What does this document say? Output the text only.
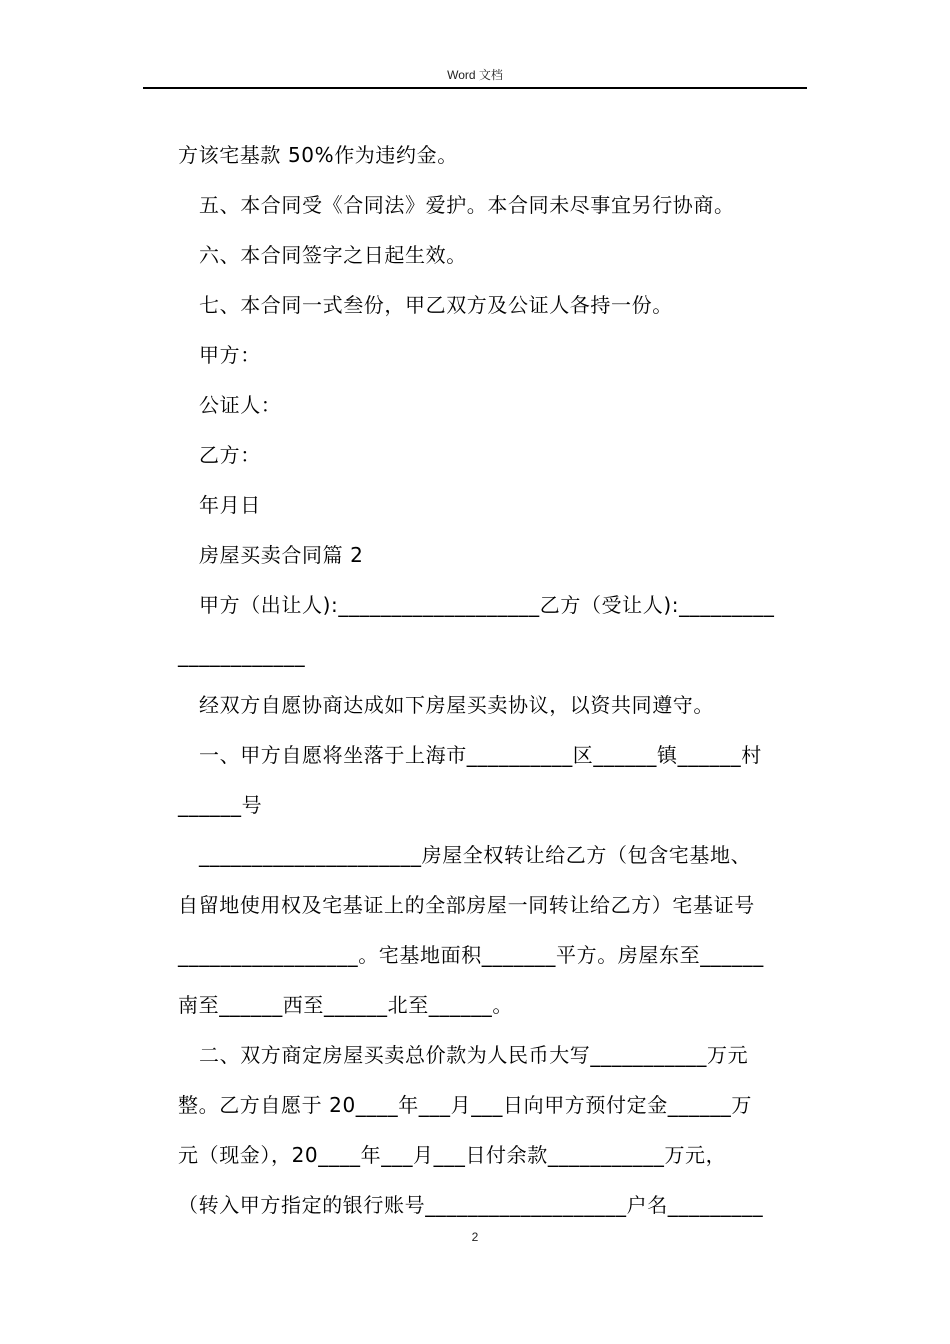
Word 文档
方该宅基款 50%作为违约金。
五、本合同受《合同法》爱护。本合同未尽事宜另行协商。
六、本合同签字之日起生效。
七、本合同一式叁份，甲乙双方及公证人各持一份。
甲方：
公证人：
乙方：
年月日
房屋买卖合同篇 2
甲方（出让人):___________________乙方（受让人):_________
____________
经双方自愿协商达成如下房屋买卖协议，以资共同遵守。
一、甲方自愿将坐落于上海市__________区______镇______村
______号
_____________________房屋全权转让给乙方（包含宅基地、
自留地使用权及宅基证上的全部房屋一同转让给乙方）宅基证号
_________________。宅基地面积_______平方。房屋东至______
南至______西至______北至______。
二、双方商定房屋买卖总价款为人民币大写___________万元
整。乙方自愿于 20____年___月___日向甲方预付定金______万
元（现金），20____年___月___日付余款___________万元，
（转入甲方指定的银行账号___________________户名_________
2
